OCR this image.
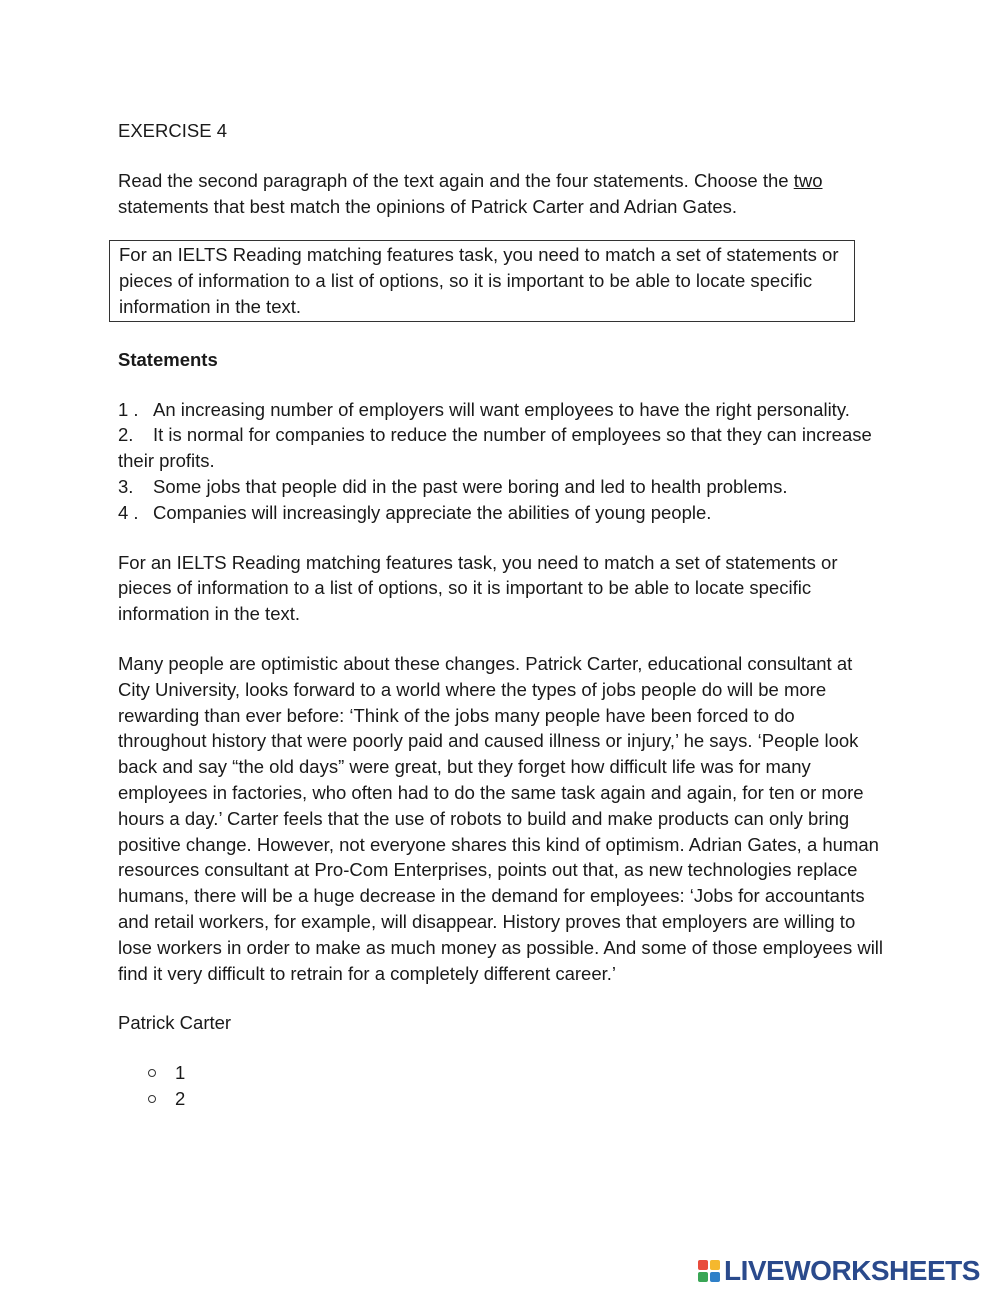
EXERCISE 4

Read the second paragraph of the text again and the four statements. Choose the two statements that best match the opinions of Patrick Carter and Adrian Gates.

For an IELTS Reading matching features task, you need to match a set of statements or pieces of information to a list of options, so it is important to be able to locate specific information in the text.

Statements

1 . An increasing number of employers will want employees to have the right personality.
2. It is normal for companies to reduce the number of employees so that they can increase their profits.
3. Some jobs that people did in the past were boring and led to health problems.
4 . Companies will increasingly appreciate the abilities of young people.

For an IELTS Reading matching features task, you need to match a set of statements or pieces of information to a list of options, so it is important to be able to locate specific information in the text.

Many people are optimistic about these changes. Patrick Carter, educational consultant at City University, looks forward to a world where the types of jobs people do will be more rewarding than ever before: ‘Think of the jobs many people have been forced to do throughout history that were poorly paid and caused illness or injury,’ he says. ‘People look back and say “the old days” were great, but they forget how difficult life was for many employees in factories, who often had to do the same task again and again, for ten or more hours a day.’ Carter feels that the use of robots to build and make products can only bring positive change. However, not everyone shares this kind of optimism. Adrian Gates, a human resources consultant at Pro-Com Enterprises, points out that, as new technologies replace humans, there will be a huge decrease in the demand for employees: ‘Jobs for accountants and retail workers, for example, will disappear. History proves that employers are willing to lose workers in order to make as much money as possible. And some of those employees will find it very difficult to retrain for a completely different career.’

Patrick Carter

1
2
LIVEWORKSHEETS
